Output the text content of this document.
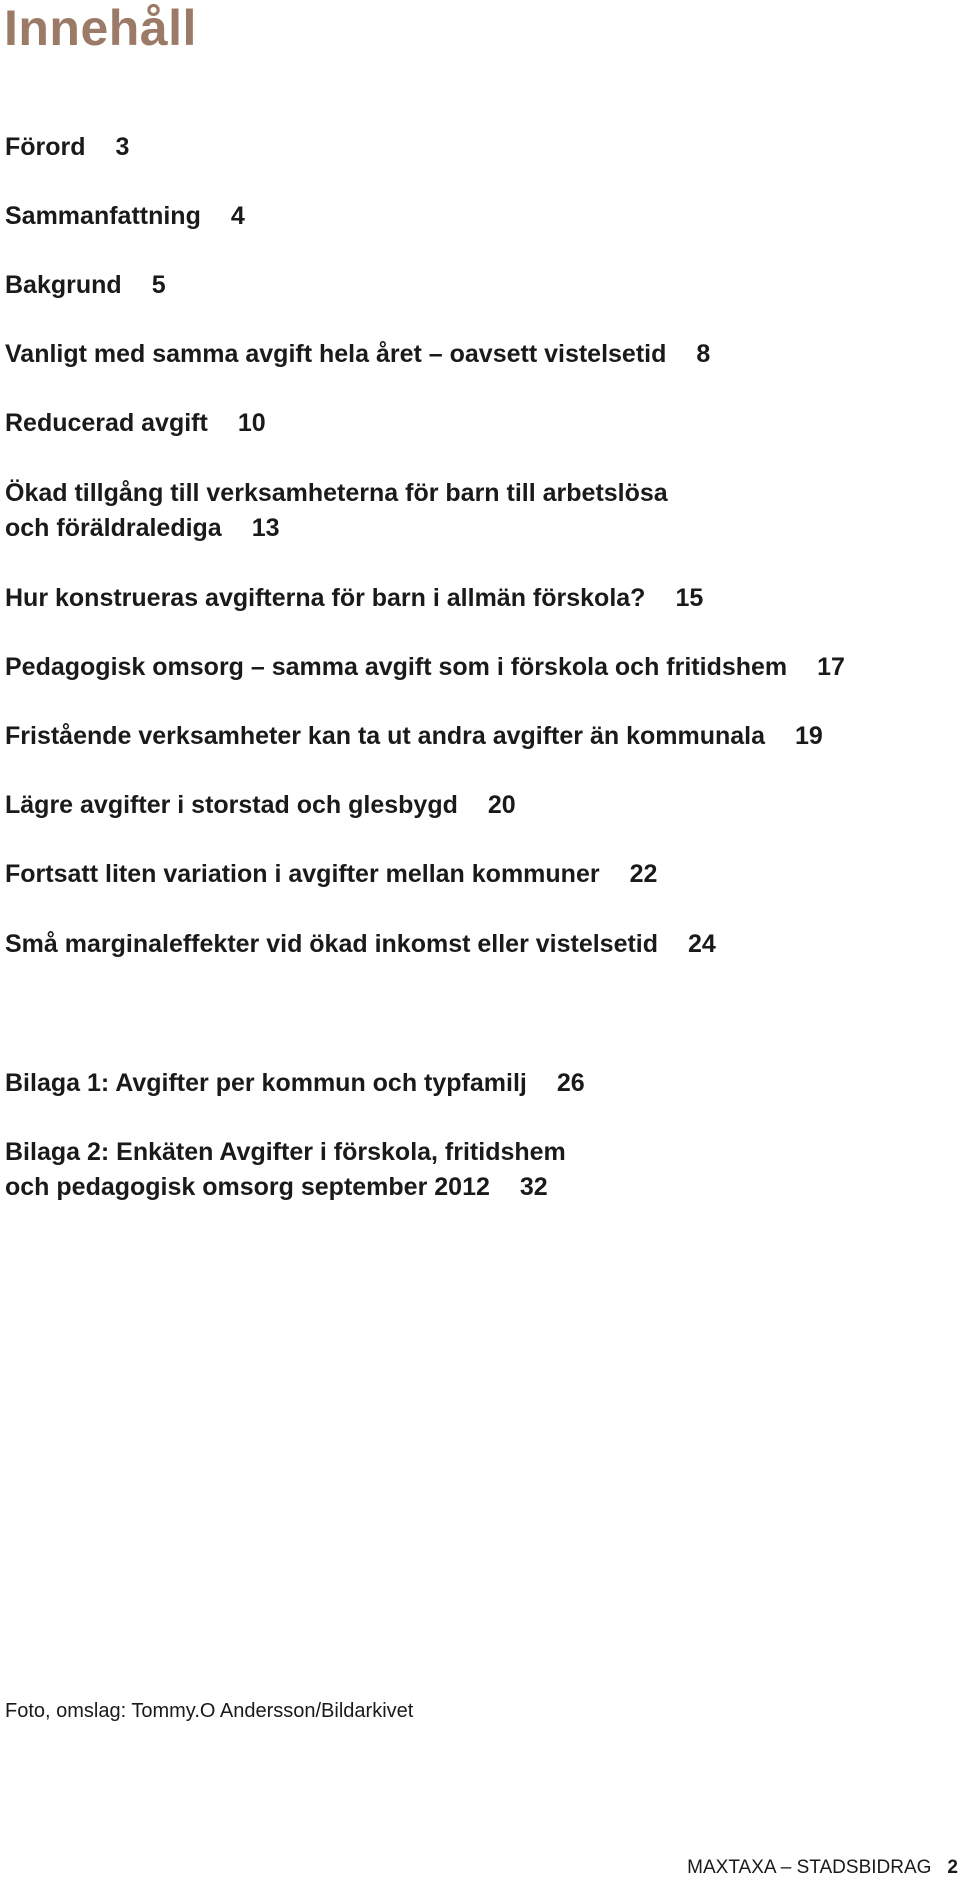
Innehåll
Förord 3
Sammanfattning 4
Bakgrund 5
Vanligt med samma avgift hela året – oavsett vistelsetid 8
Reducerad avgift 10
Ökad tillgång till verksamheterna för barn till arbetslösa
och föräldralediga 13
Hur konstrueras avgifterna för barn i allmän förskola? 15
Pedagogisk omsorg – samma avgift som i förskola och fritidshem 17
Fristående verksamheter kan ta ut andra avgifter än kommunala 19
Lägre avgifter i storstad och glesbygd 20
Fortsatt liten variation i avgifter mellan kommuner 22
Små marginaleffekter vid ökad inkomst eller vistelsetid 24
Bilaga 1: Avgifter per kommun och typfamilj 26
Bilaga 2: Enkäten Avgifter i förskola, fritidshem
och pedagogisk omsorg september 2012 32
Foto, omslag: Tommy.O Andersson/Bildarkivet
MAXTAXA – STADSBIDRAG 2
